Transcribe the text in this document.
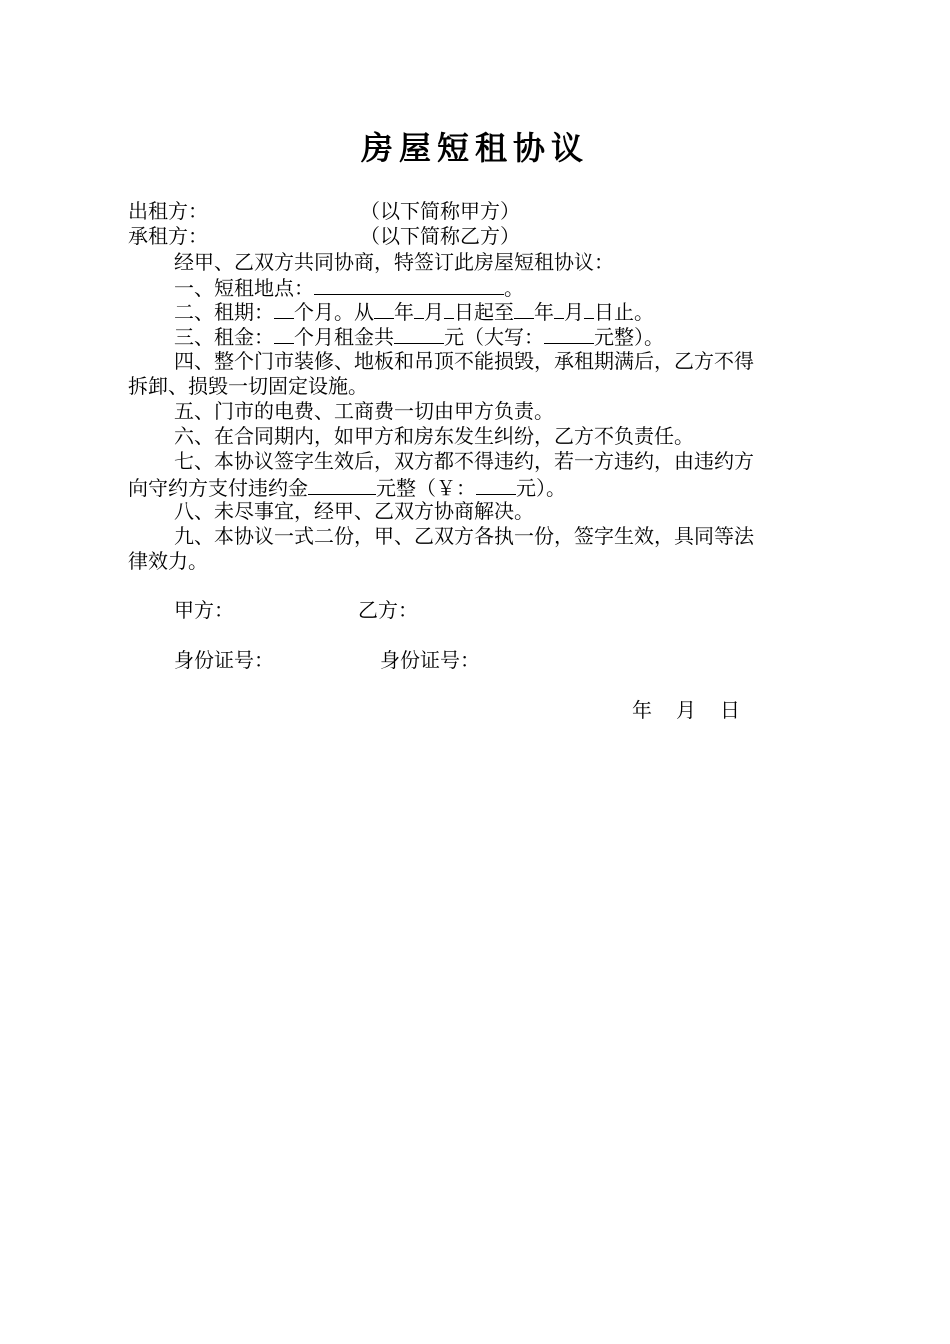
房屋短租协议
出租方：	（以下简称甲方）
承租方：	（以下简称乙方）
经甲、乙双方共同协商，特签订此房屋短租协议：
一、短租地点：	。
二、租期： 个月。从 年 月 日起至 年 月 日止。
三、租金： 个月租金共	元（大写：	元整）。
四、整个门市装修、地板和吊顶不能损毁，承租期满后，乙方不得
拆卸、损毁一切固定设施。
五、门市的电费、工商费一切由甲方负责。
六、在合同期内，如甲方和房东发生纠纷，乙方不负责任。
七、本协议签字生效后，双方都不得违约，若一方违约，由违约方
向守约方支付违约金	元整（￥： 元）。
八、未尽事宜，经甲、乙双方协商解决。
九、本协议一式二份，甲、乙双方各执一份，签字生效，具同等法
律效力。
甲方：	乙方：
身份证号：	身份证号：
年 月 日
